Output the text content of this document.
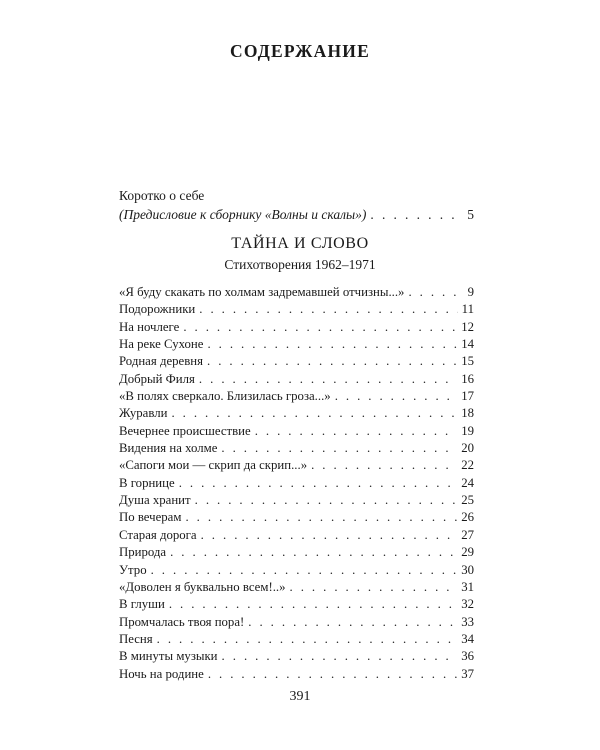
СОДЕРЖАНИЕ
Коротко о себе
(Предисловие к сборнику «Волны и скалы») . . .	5
ТАЙНА И СЛОВО
Стихотворения 1962–1971
«Я буду скакать по холмам задремавшей отчизны...» . . .	9
Подорожники . . .	11
На ночлеге . . .	12
На реке Сухоне . . .	14
Родная деревня . . .	15
Добрый Филя . . .	16
«В полях сверкало. Близилась гроза...» . . .	17
Журавли . . .	18
Вечернее происшествие . . .	19
Видения на холме . . .	20
«Сапоги мои — скрип да скрип...» . . .	22
В горнице . . .	24
Душа хранит . . .	25
По вечерам . . .	26
Старая дорога . . .	27
Природа . . .	29
Утро . . .	30
«Доволен я буквально всем!..» . . .	31
В глуши . . .	32
Промчалась твоя пора! . . .	33
Песня . . .	34
В минуты музыки . . .	36
Ночь на родине . . .	37
391
